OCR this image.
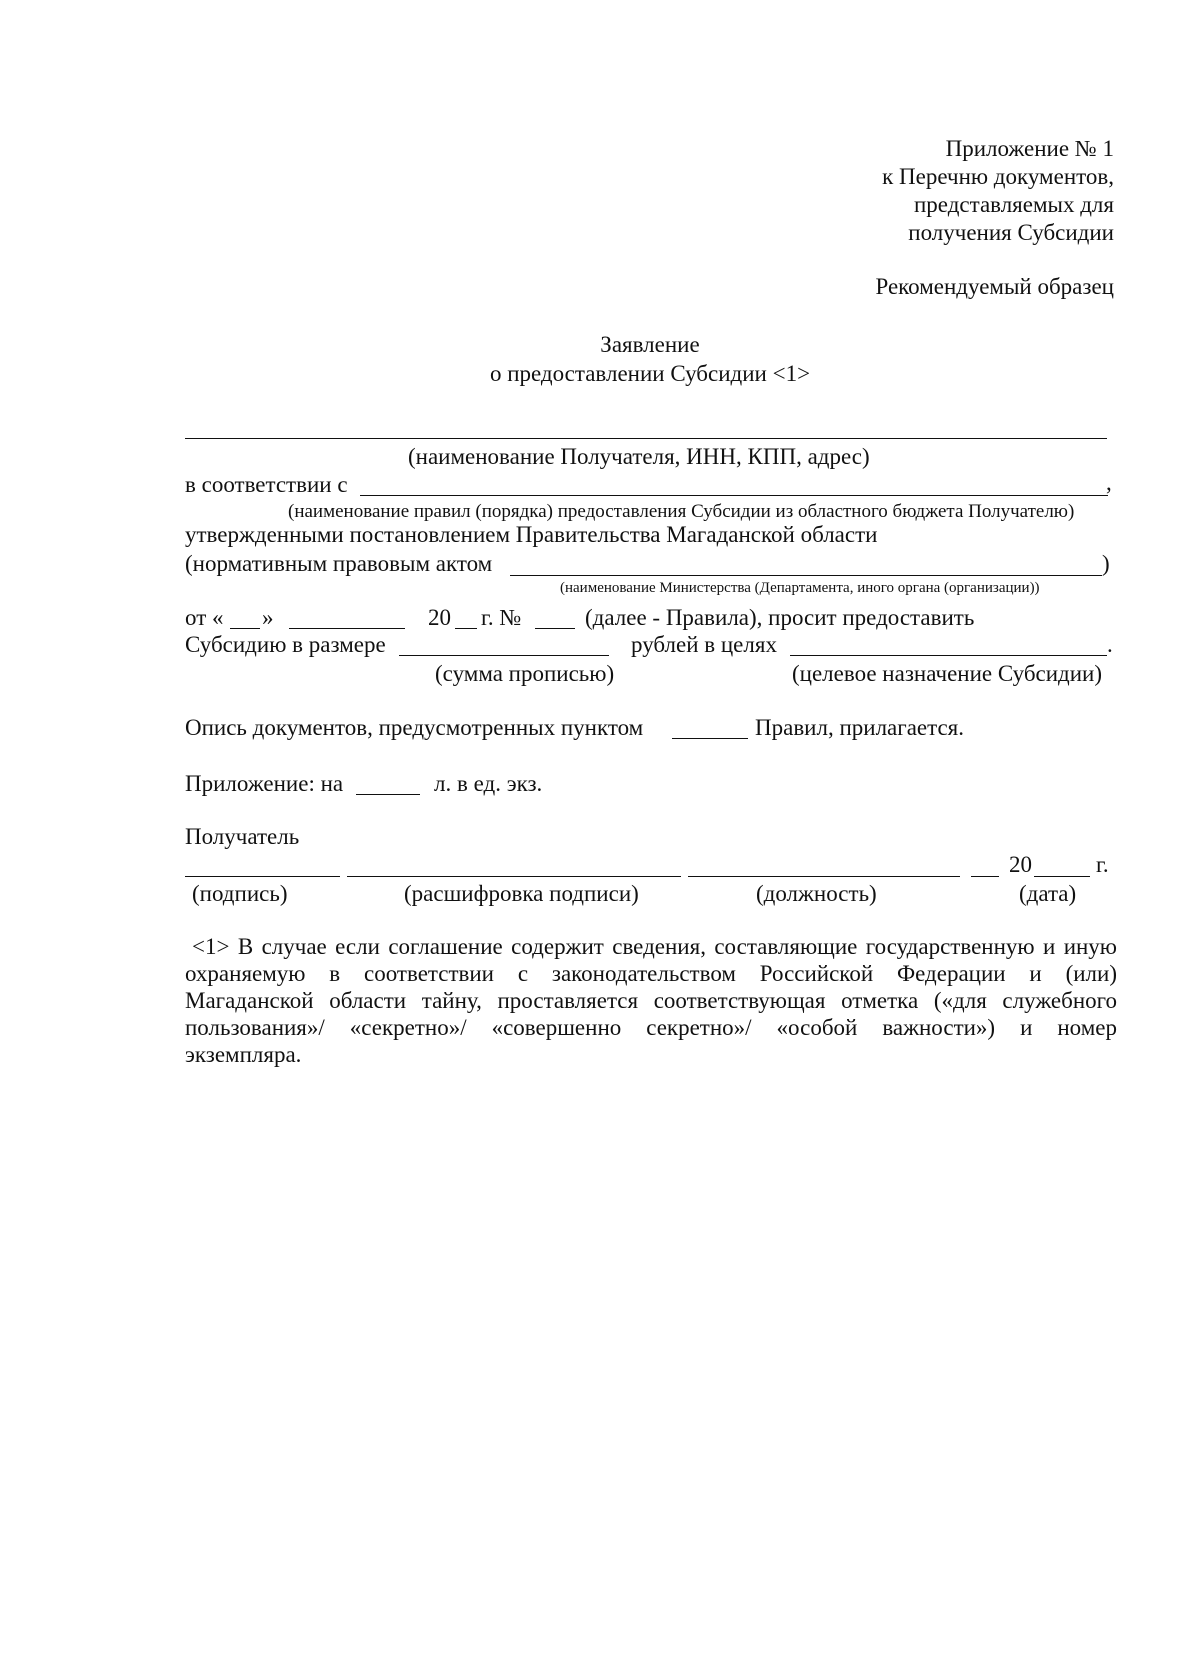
Приложение № 1
к Перечню документов,
представляемых для
получения Субсидии
Рекомендуемый образец
Заявление
о предоставлении Субсидии <1>
(наименование Получателя, ИНН, КПП, адрес)
в соответствии с	,
(наименование правил (порядка) предоставления Субсидии из областного бюджета Получателю)
утвержденными постановлением Правительства Магаданской области
(нормативным правовым актом	)
(наименование Министерства (Департамента, иного органа (организации))
от « »	20 г. №	(далее - Правила), просит предоставить
Субсидию в размере	рублей в целях	.
(сумма прописью)	(целевое назначение Субсидии)
Опись документов, предусмотренных пунктом	Правил, прилагается.
Приложение: на	л. в ед. экз.
Получатель
20	г.
(подпись)	(расшифровка подписи)	(должность)	(дата)
<1> В случае если соглашение содержит сведения, составляющие государственную и иную
охраняемую в соответствии с законодательством Российской Федерации и (или)
Магаданской области тайну, проставляется соответствующая отметка («для служебного
пользования»/ «секретно»/ «совершенно секретно»/ «особой важности») и номер
экземпляра.
